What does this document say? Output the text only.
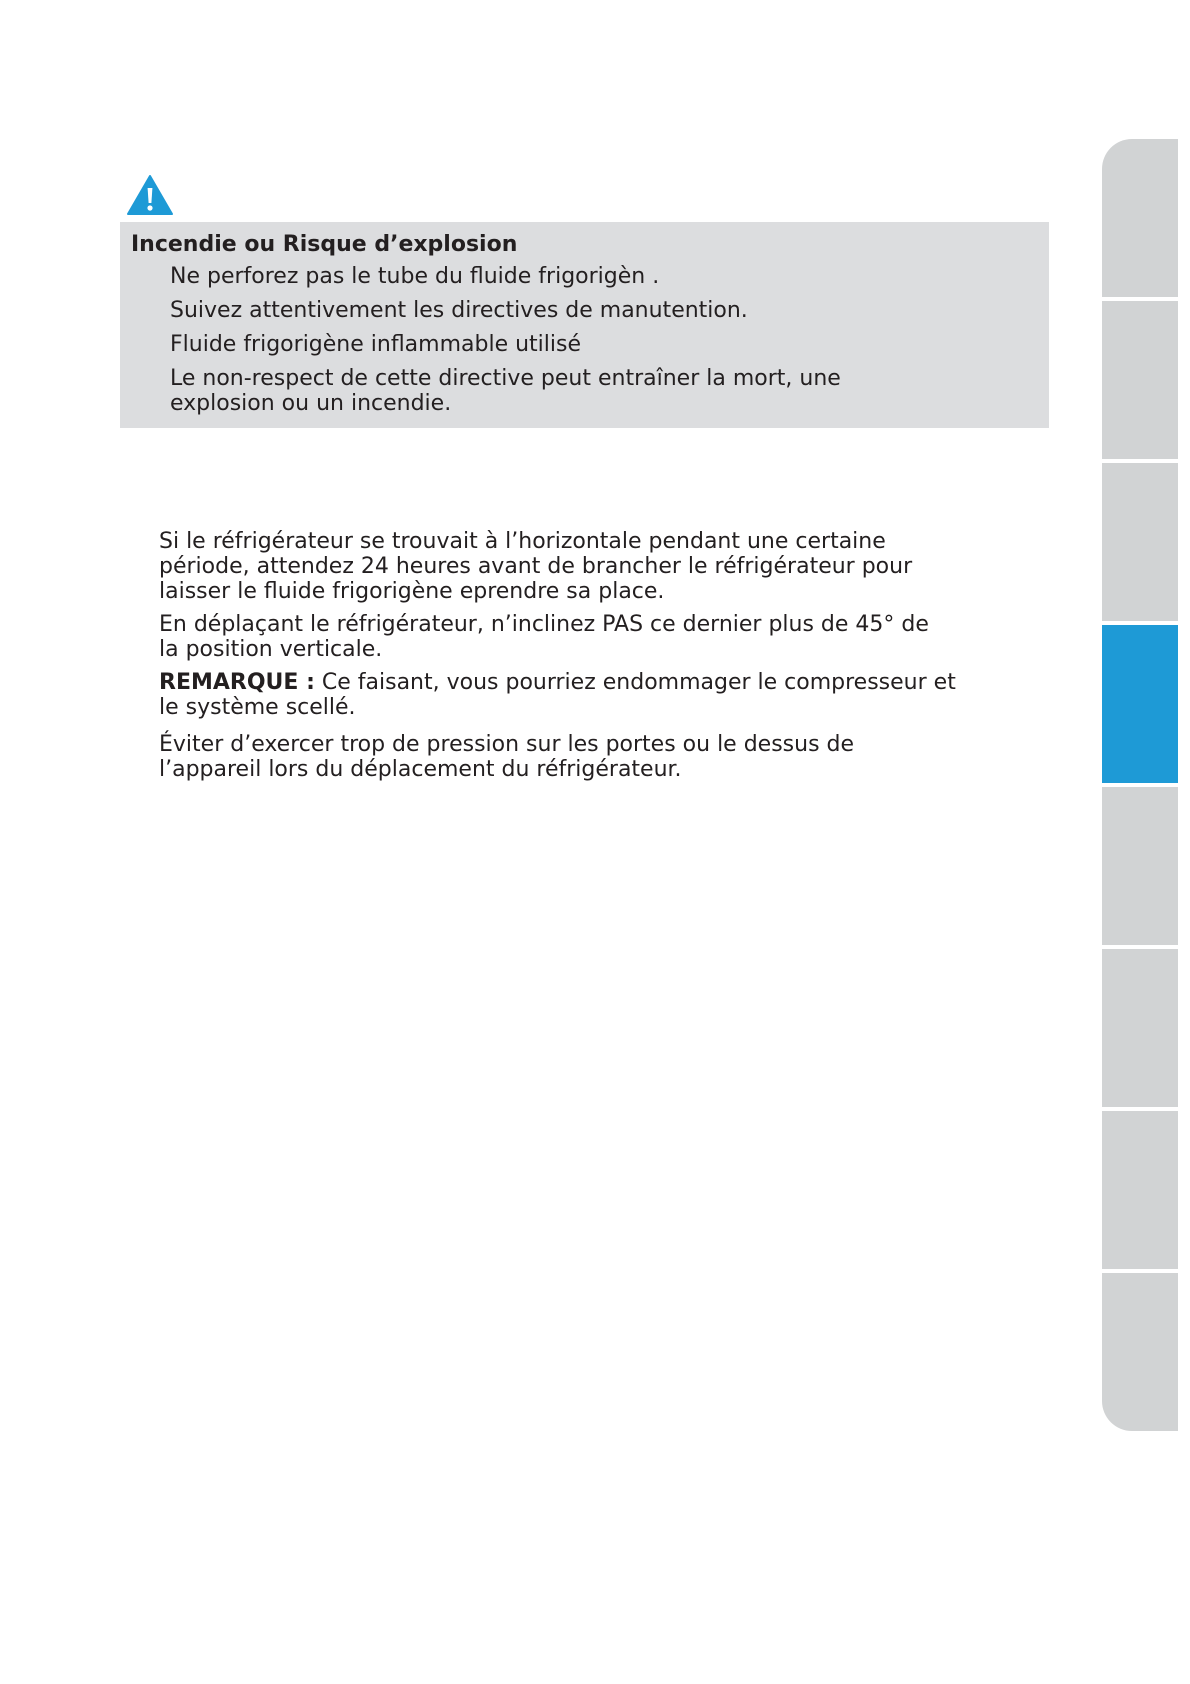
Incendie ou Risque d’explosion

Ne perforez pas le tube du fluide frigorigèn .
Suivez attentivement les directives de manutention.
Fluide frigorigène inflammable utilisé
Le non-respect de cette directive peut entraîner la mort, une
explosion ou un incendie.

Si le réfrigérateur se trouvait à l’horizontale pendant une certaine
période, attendez 24 heures avant de brancher le réfrigérateur pour
laisser le fluide frigorigène eprendre sa place.

En déplaçant le réfrigérateur, n’inclinez PAS ce dernier plus de 45° de
la position verticale.

REMARQUE : Ce faisant, vous pourriez endommager le compresseur et
le système scellé.

Éviter d’exercer trop de pression sur les portes ou le dessus de
l’appareil lors du déplacement du réfrigérateur.
